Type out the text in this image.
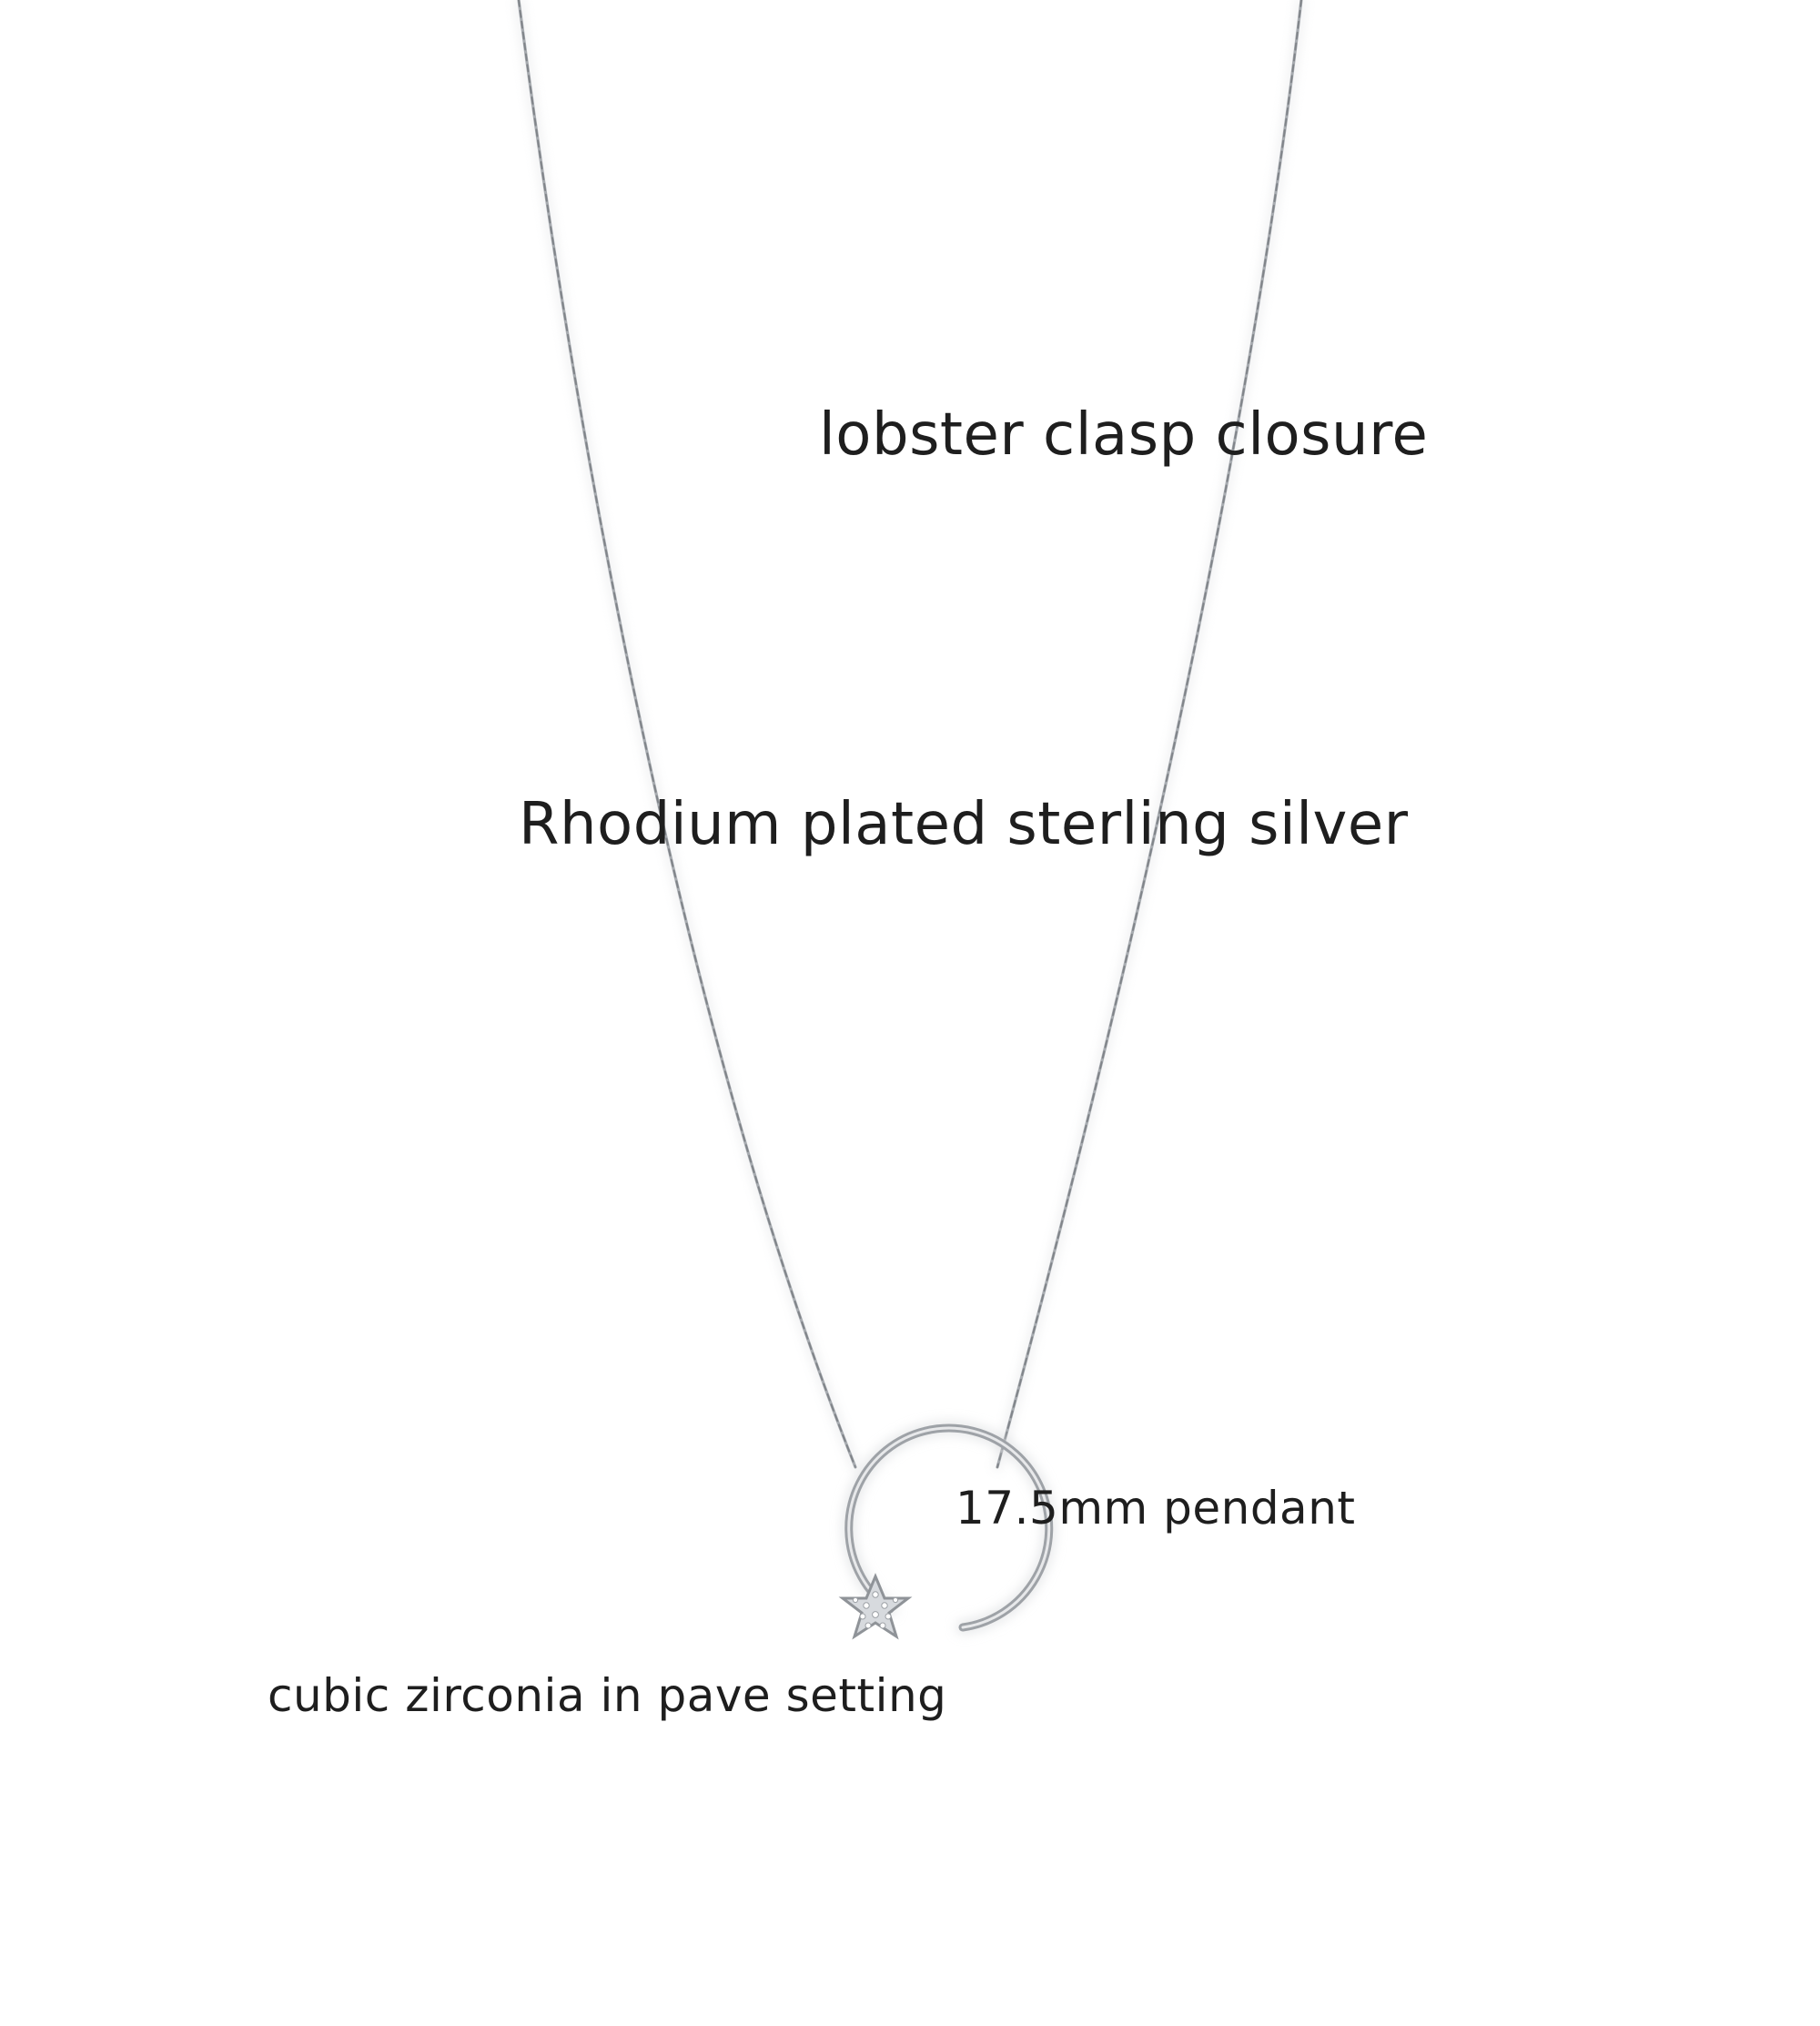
lobster clasp closure
Rhodium plated sterling silver
17.5mm pendant
cubic zirconia in pave setting
